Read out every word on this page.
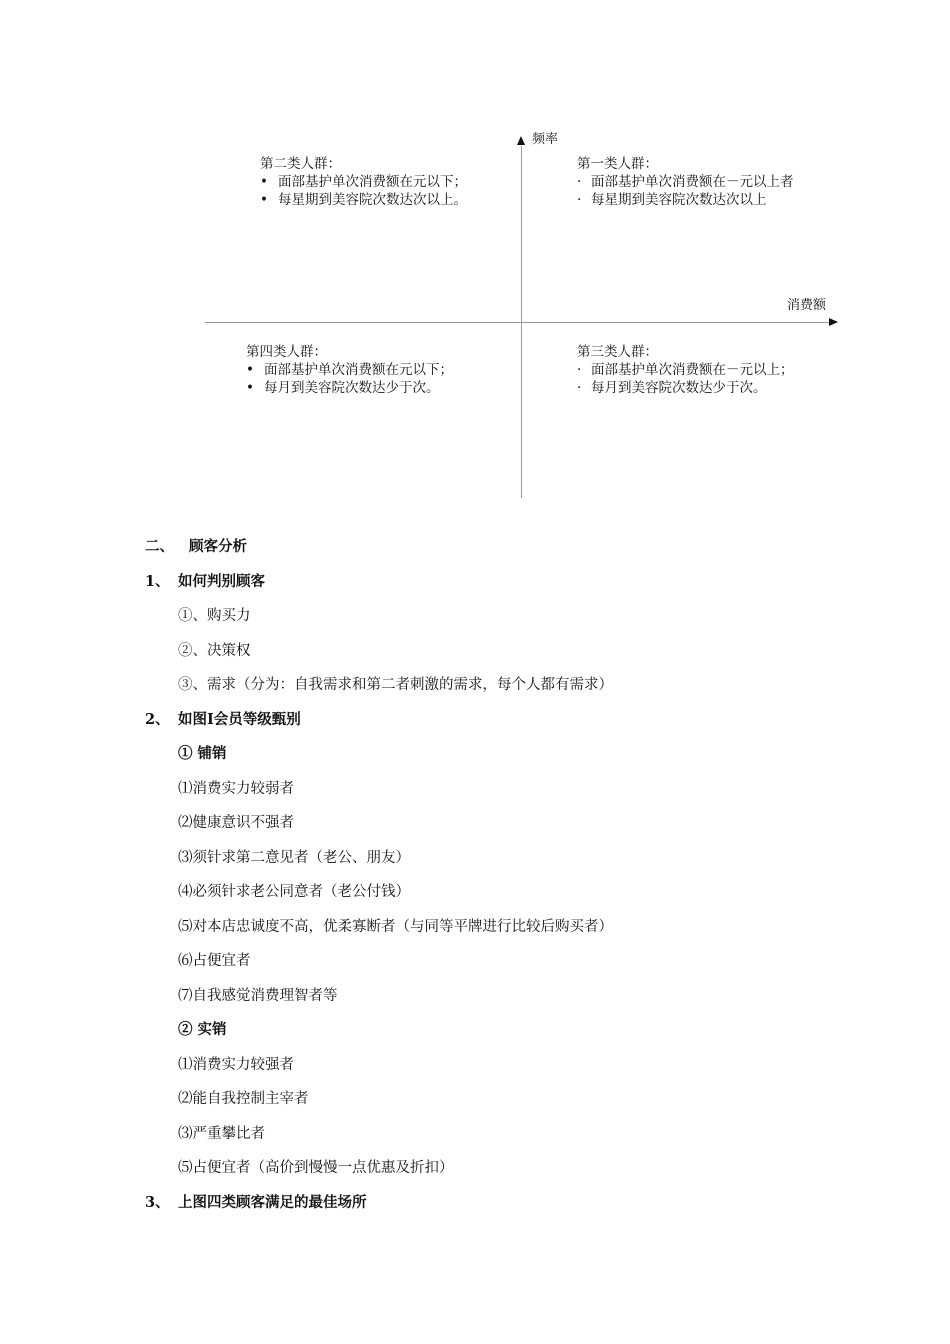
频率
消费额
第二类人群：
• 面部基护单次消费额在元以下；
• 每星期到美容院次数达次以上。
第一类人群：
· 面部基护单次消费额在－元以上者
· 每星期到美容院次数达次以上
第四类人群：
• 面部基护单次消费额在元以下；
• 每月到美容院次数达少于次。
第三类人群：
· 面部基护单次消费额在－元以上；
· 每月到美容院次数达少于次。
二、 顾客分析
1、 如何判别顾客
①、购买力
②、决策权
③、需求（分为：自我需求和第二者刺激的需求，每个人都有需求）
2、 如图Ⅰ会员等级甄别
① 铺销
⑴消费实力较弱者
⑵健康意识不强者
⑶须针求第二意见者（老公、朋友）
⑷必须针求老公同意者（老公付钱）
⑸对本店忠诚度不高，优柔寡断者（与同等平牌进行比较后购买者）
⑹占便宜者
⑺自我感觉消费理智者等
② 实销
⑴消费实力较强者
⑵能自我控制主宰者
⑶严重攀比者
⑸占便宜者（高价到慢慢一点优惠及折扣）
3、 上图四类顾客满足的最佳场所
